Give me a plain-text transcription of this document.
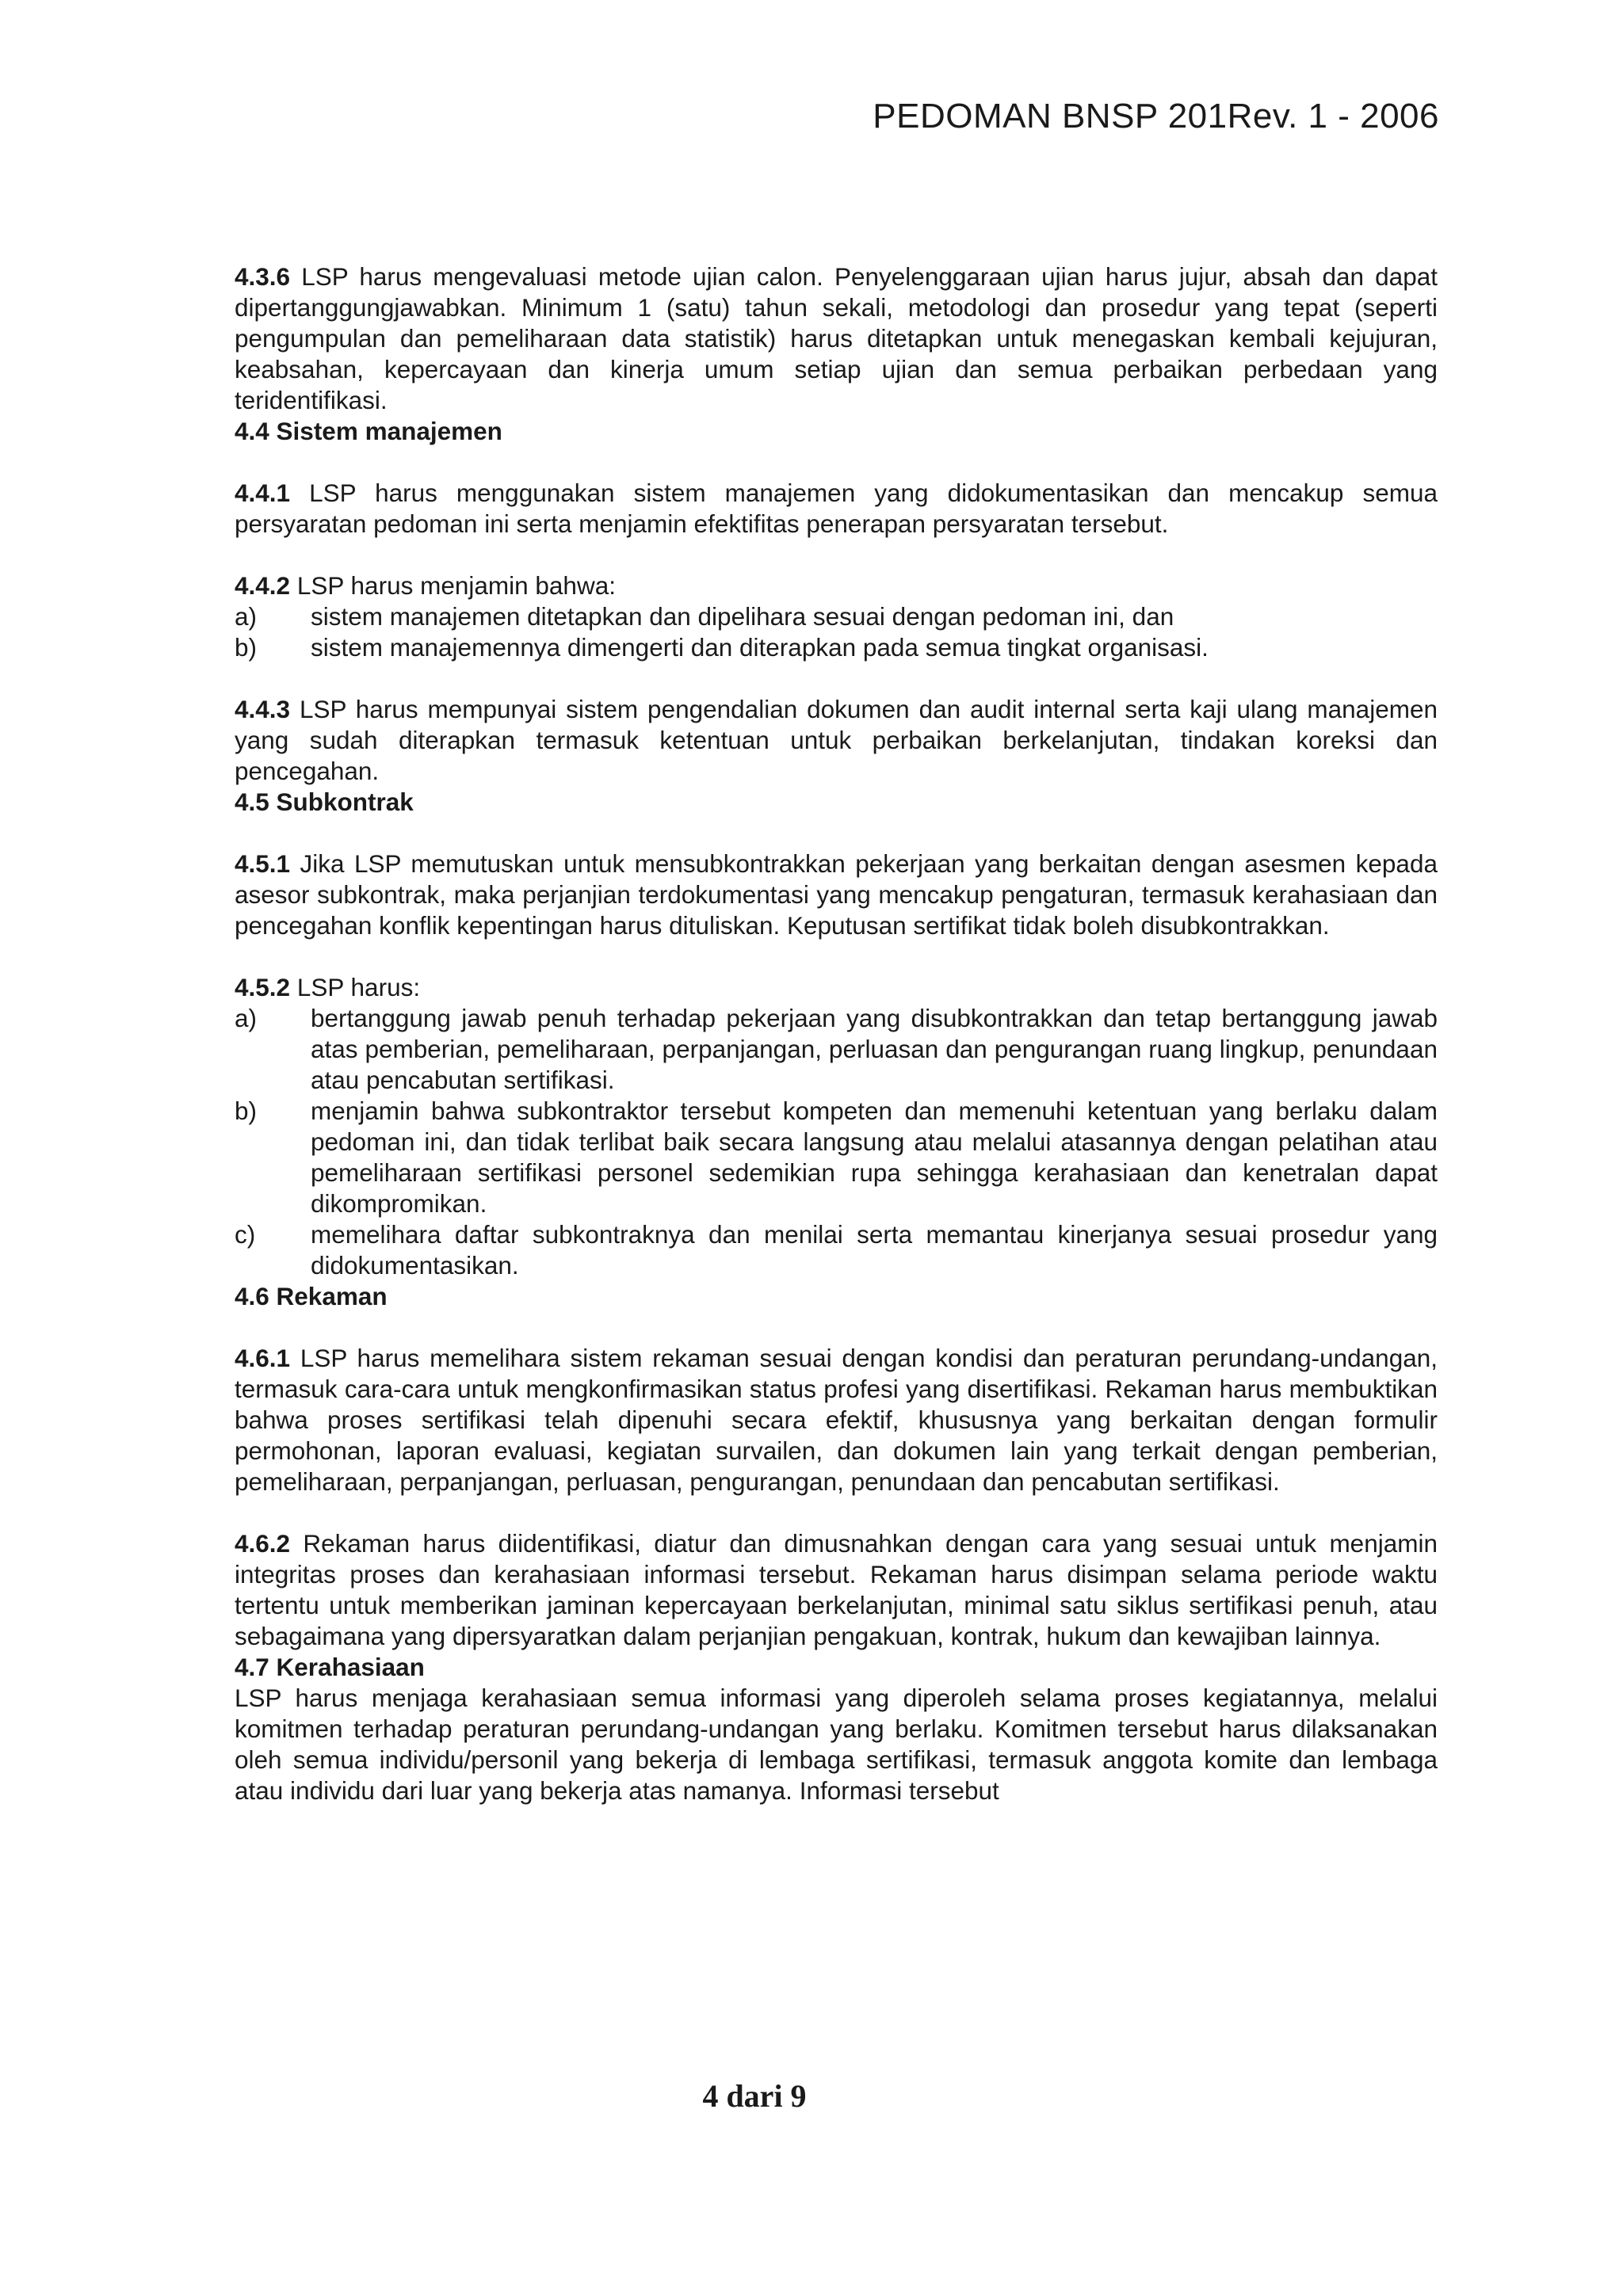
PEDOMAN BNSP 201Rev. 1 - 2006

4.3.6 LSP harus mengevaluasi metode ujian calon. Penyelenggaraan ujian harus jujur, absah dan dapat dipertanggungjawabkan. Minimum 1 (satu) tahun sekali, metodologi dan prosedur yang tepat (seperti pengumpulan dan pemeliharaan data statistik) harus ditetapkan untuk menegaskan kembali kejujuran, keabsahan, kepercayaan dan kinerja umum setiap ujian dan semua perbaikan perbedaan yang teridentifikasi.

4.4 Sistem manajemen

4.4.1 LSP harus menggunakan sistem manajemen yang didokumentasikan dan mencakup semua persyaratan pedoman ini serta menjamin efektifitas penerapan persyaratan tersebut.

4.4.2 LSP harus menjamin bahwa:

a)	sistem manajemen ditetapkan dan dipelihara sesuai dengan pedoman ini, dan
b)	sistem manajemennya dimengerti dan diterapkan pada semua tingkat organisasi.

4.4.3 LSP harus mempunyai sistem pengendalian dokumen dan audit internal serta kaji ulang manajemen yang sudah diterapkan termasuk ketentuan untuk perbaikan berkelanjutan, tindakan koreksi dan pencegahan.

4.5 Subkontrak

4.5.1 Jika LSP memutuskan untuk mensubkontrakkan pekerjaan yang berkaitan dengan asesmen kepada asesor subkontrak, maka perjanjian terdokumentasi yang mencakup pengaturan, termasuk kerahasiaan dan pencegahan konflik kepentingan harus dituliskan. Keputusan sertifikat tidak boleh disubkontrakkan.

4.5.2 LSP harus:

a)	bertanggung jawab penuh terhadap pekerjaan yang disubkontrakkan dan tetap bertanggung jawab atas pemberian, pemeliharaan, perpanjangan, perluasan dan pengurangan ruang lingkup, penundaan atau pencabutan sertifikasi.
b)	menjamin bahwa subkontraktor tersebut kompeten dan memenuhi ketentuan yang berlaku dalam pedoman ini, dan tidak terlibat baik secara langsung atau melalui atasannya dengan pelatihan atau pemeliharaan sertifikasi personel sedemikian rupa sehingga kerahasiaan dan kenetralan dapat dikompromikan.
c)	memelihara daftar subkontraknya dan menilai serta memantau kinerjanya sesuai prosedur yang didokumentasikan.

4.6 Rekaman

4.6.1 LSP harus memelihara sistem rekaman sesuai dengan kondisi dan peraturan perundang-undangan, termasuk cara-cara untuk mengkonfirmasikan status profesi yang disertifikasi. Rekaman harus membuktikan bahwa proses sertifikasi telah dipenuhi secara efektif, khususnya yang berkaitan dengan formulir permohonan, laporan evaluasi, kegiatan survailen, dan dokumen lain yang terkait dengan pemberian, pemeliharaan, perpanjangan, perluasan, pengurangan, penundaan dan pencabutan sertifikasi.

4.6.2 Rekaman harus diidentifikasi, diatur dan dimusnahkan dengan cara yang sesuai untuk menjamin integritas proses dan kerahasiaan informasi tersebut. Rekaman harus disimpan selama periode waktu tertentu untuk memberikan jaminan kepercayaan berkelanjutan, minimal satu siklus sertifikasi penuh, atau sebagaimana yang dipersyaratkan dalam perjanjian pengakuan, kontrak, hukum dan kewajiban lainnya.

4.7 Kerahasiaan

LSP harus menjaga kerahasiaan semua informasi yang diperoleh selama proses kegiatannya, melalui komitmen terhadap peraturan perundang-undangan yang berlaku. Komitmen tersebut harus dilaksanakan oleh semua individu/personil yang bekerja di lembaga sertifikasi, termasuk anggota komite dan lembaga atau individu dari luar yang bekerja atas namanya. Informasi tersebut

4 dari 9
